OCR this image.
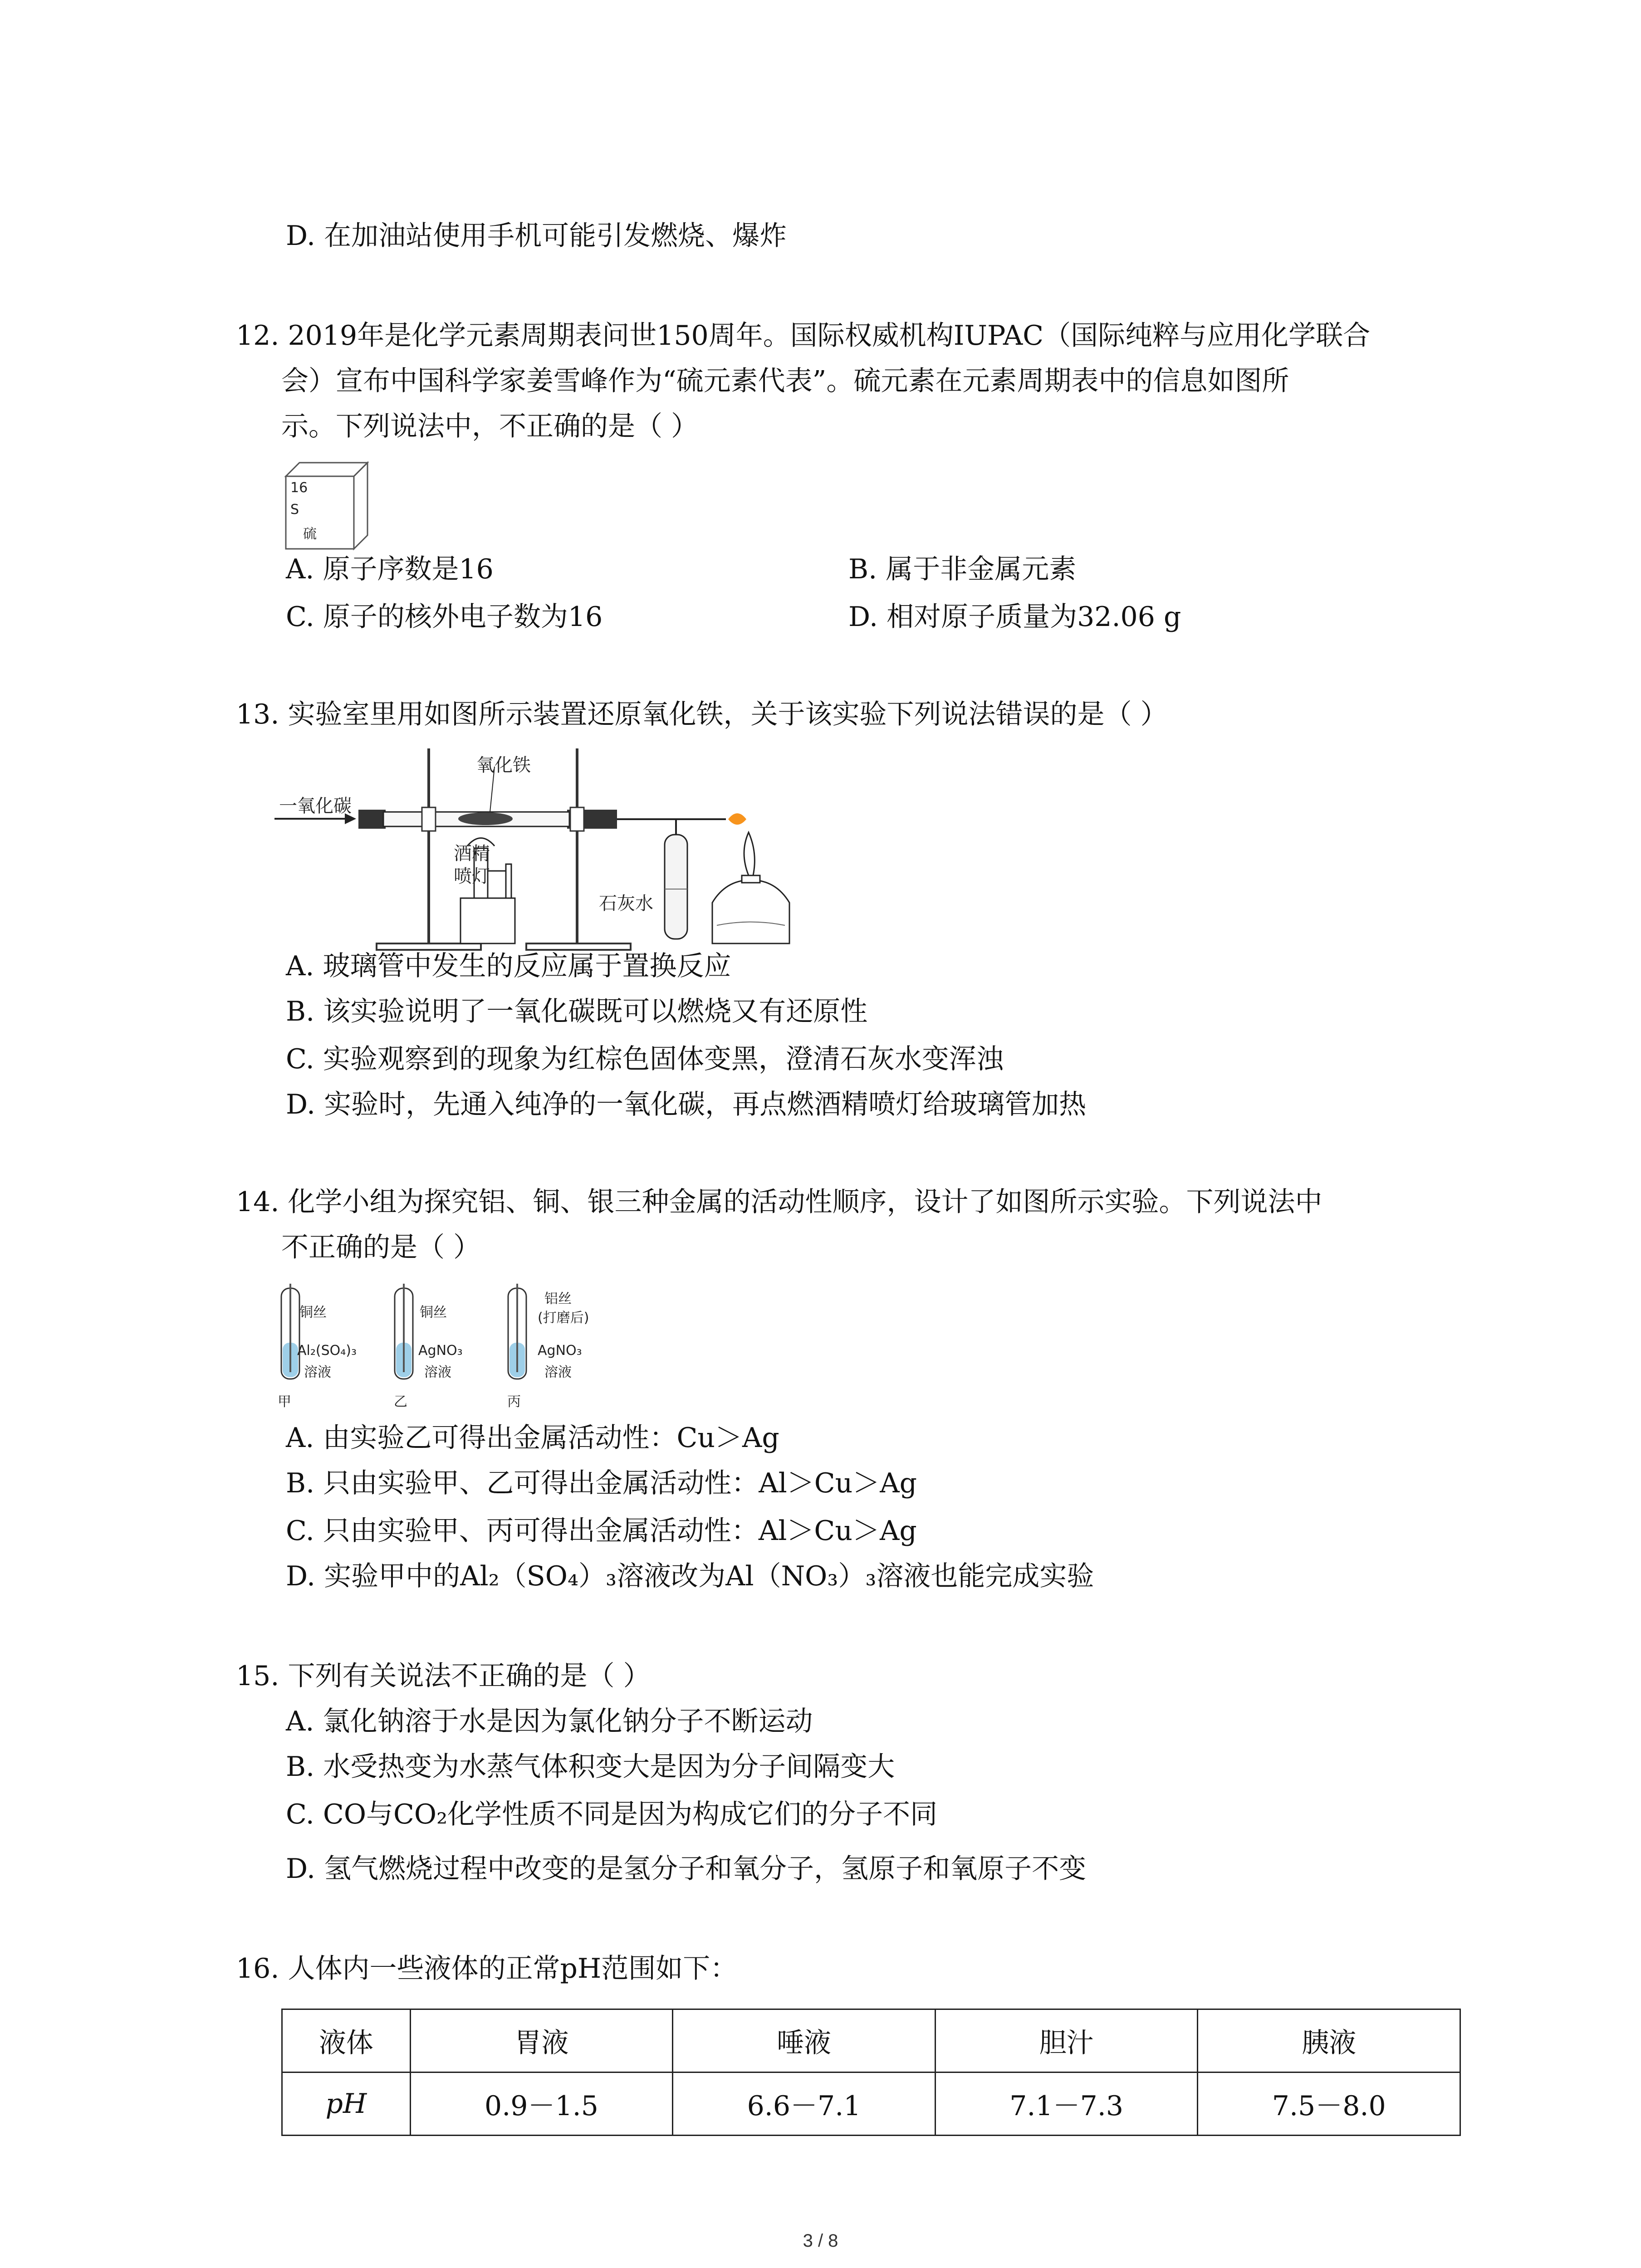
D. 在加油站使用手机可能引发燃烧、爆炸
12. 2019年是化学元素周期表问世150周年。国际权威机构IUPAC（国际纯粹与应用化学联合
会）宣布中国科学家姜雪峰作为“硫元素代表”。硫元素在元素周期表中的信息如图所
示。下列说法中，不正确的是（ ）
16
S
硫
A. 原子序数是16	B. 属于非金属元素
C. 原子的核外电子数为16	D. 相对原子质量为32.06 g
13. 实验室里用如图所示装置还原氧化铁，关于该实验下列说法错误的是（ ）
一氧化碳
氧化铁
酒精
喷灯
石灰水
A. 玻璃管中发生的反应属于置换反应
B. 该实验说明了一氧化碳既可以燃烧又有还原性
C. 实验观察到的现象为红棕色固体变黑，澄清石灰水变浑浊
D. 实验时，先通入纯净的一氧化碳，再点燃酒精喷灯给玻璃管加热
14. 化学小组为探究铝、铜、银三种金属的活动性顺序，设计了如图所示实验。下列说法中
不正确的是（ ）
铜丝
Al₂(SO₄)₃
溶液
甲
铜丝
AgNO₃
溶液
乙
铝丝
(打磨后)
AgNO₃
溶液
丙
A. 由实验乙可得出金属活动性：Cu＞Ag
B. 只由实验甲、乙可得出金属活动性：Al＞Cu＞Ag
C. 只由实验甲、丙可得出金属活动性：Al＞Cu＞Ag
D. 实验甲中的Al₂（SO₄）₃溶液改为Al（NO₃）₃溶液也能完成实验
15. 下列有关说法不正确的是（ ）
A. 氯化钠溶于水是因为氯化钠分子不断运动
B. 水受热变为水蒸气体积变大是因为分子间隔变大
C. CO与CO₂化学性质不同是因为构成它们的分子不同
D. 氢气燃烧过程中改变的是氢分子和氧分子，氢原子和氧原子不变
16. 人体内一些液体的正常pH范围如下：
液体	胃液	唾液	胆汁	胰液
pH	0.9－1.5	6.6－7.1	7.1－7.3	7.5－8.0
3 / 8
